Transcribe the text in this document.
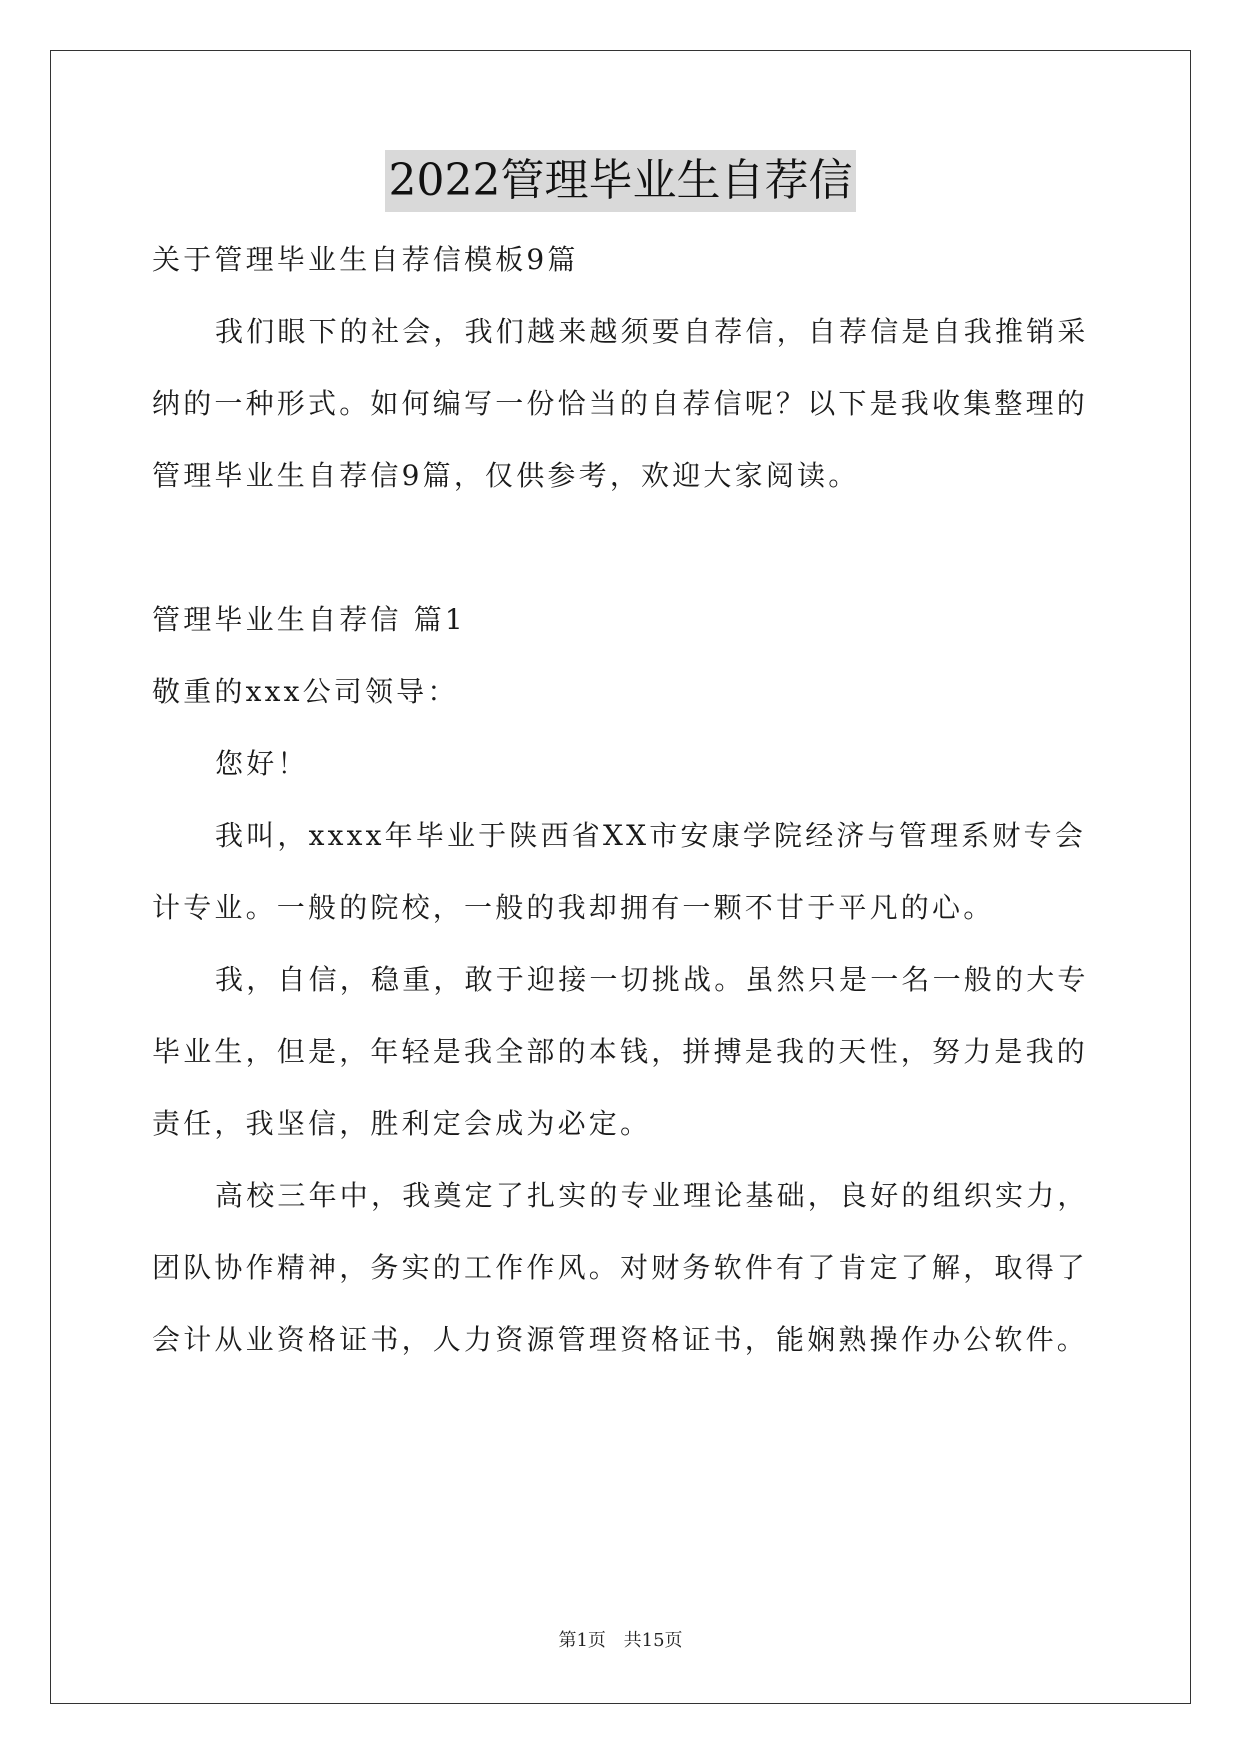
2022管理毕业生自荐信
关于管理毕业生自荐信模板9篇
我们眼下的社会，我们越来越须要自荐信，自荐信是自我推销采
纳的一种形式。如何编写一份恰当的自荐信呢？以下是我收集整理的
管理毕业生自荐信9篇，仅供参考，欢迎大家阅读。
管理毕业生自荐信 篇1
敬重的xxx公司领导：
您好！
我叫，xxxx年毕业于陕西省XX市安康学院经济与管理系财专会
计专业。一般的院校，一般的我却拥有一颗不甘于平凡的心。
我，自信，稳重，敢于迎接一切挑战。虽然只是一名一般的大专
毕业生，但是，年轻是我全部的本钱，拼搏是我的天性，努力是我的
责任，我坚信，胜利定会成为必定。
高校三年中，我奠定了扎实的专业理论基础，良好的组织实力，
团队协作精神，务实的工作作风。对财务软件有了肯定了解，取得了
会计从业资格证书，人力资源管理资格证书，能娴熟操作办公软件。
第1页 共15页
